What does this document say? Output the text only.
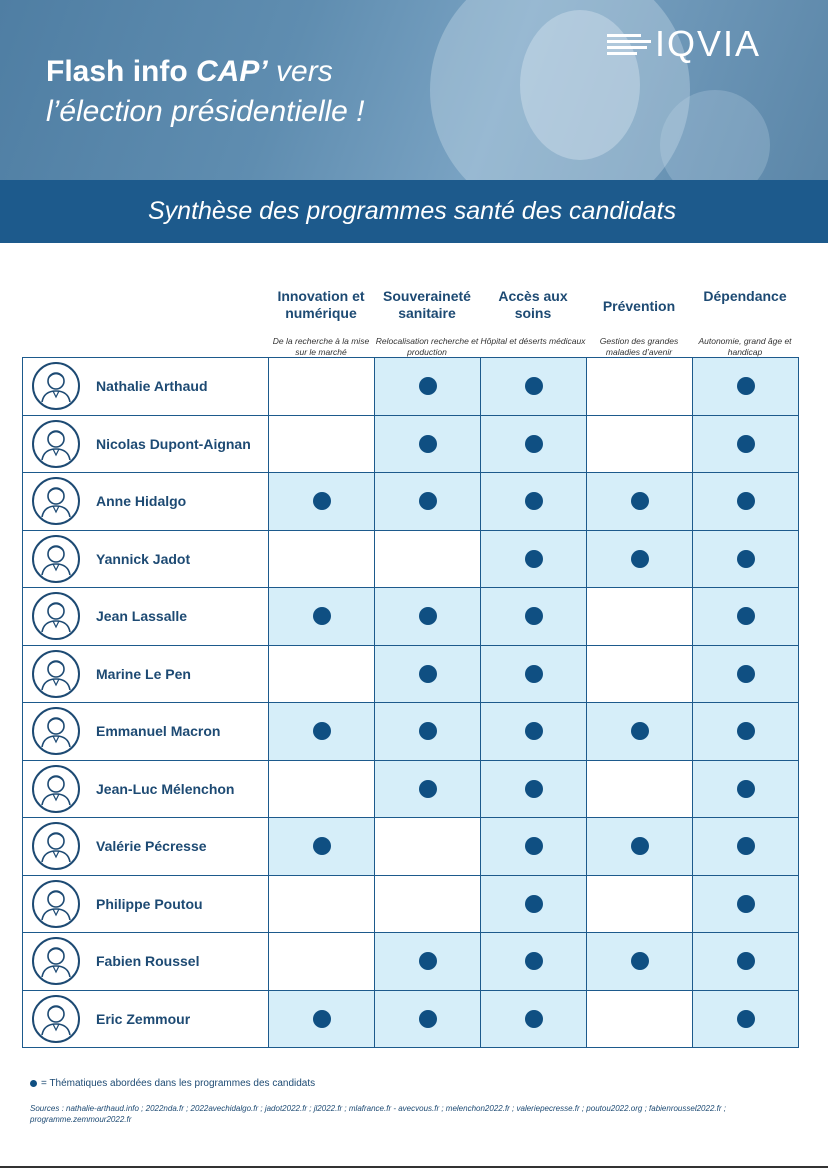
Flash info CAP’ vers
l’élection présidentielle !
IQVIA
Synthèse des programmes santé des candidats
Innovation et numérique
De la recherche à la mise sur le marché
Souveraineté sanitaire
Relocalisation recherche et production
Accès aux soins
Hôpital et déserts médicaux
Prévention
Gestion des grandes maladies d’avenir
Dépendance
Autonomie, grand âge et handicap
Nathalie Arthaud
Nicolas Dupont-Aignan
Anne Hidalgo
Yannick Jadot
Jean Lassalle
Marine Le Pen
Emmanuel Macron
Jean-Luc Mélenchon
Valérie Pécresse
Philippe Poutou
Fabien Roussel
Eric Zemmour
= Thématiques abordées dans les programmes des candidats
Sources : nathalie-arthaud.info ; 2022nda.fr ; 2022avechidalgo.fr ; jadot2022.fr ; jl2022.fr ; mlafrance.fr - avecvous.fr ; melenchon2022.fr ; valeriepecresse.fr ; poutou2022.org ; fabienroussel2022.fr ; programme.zemmour2022.fr
